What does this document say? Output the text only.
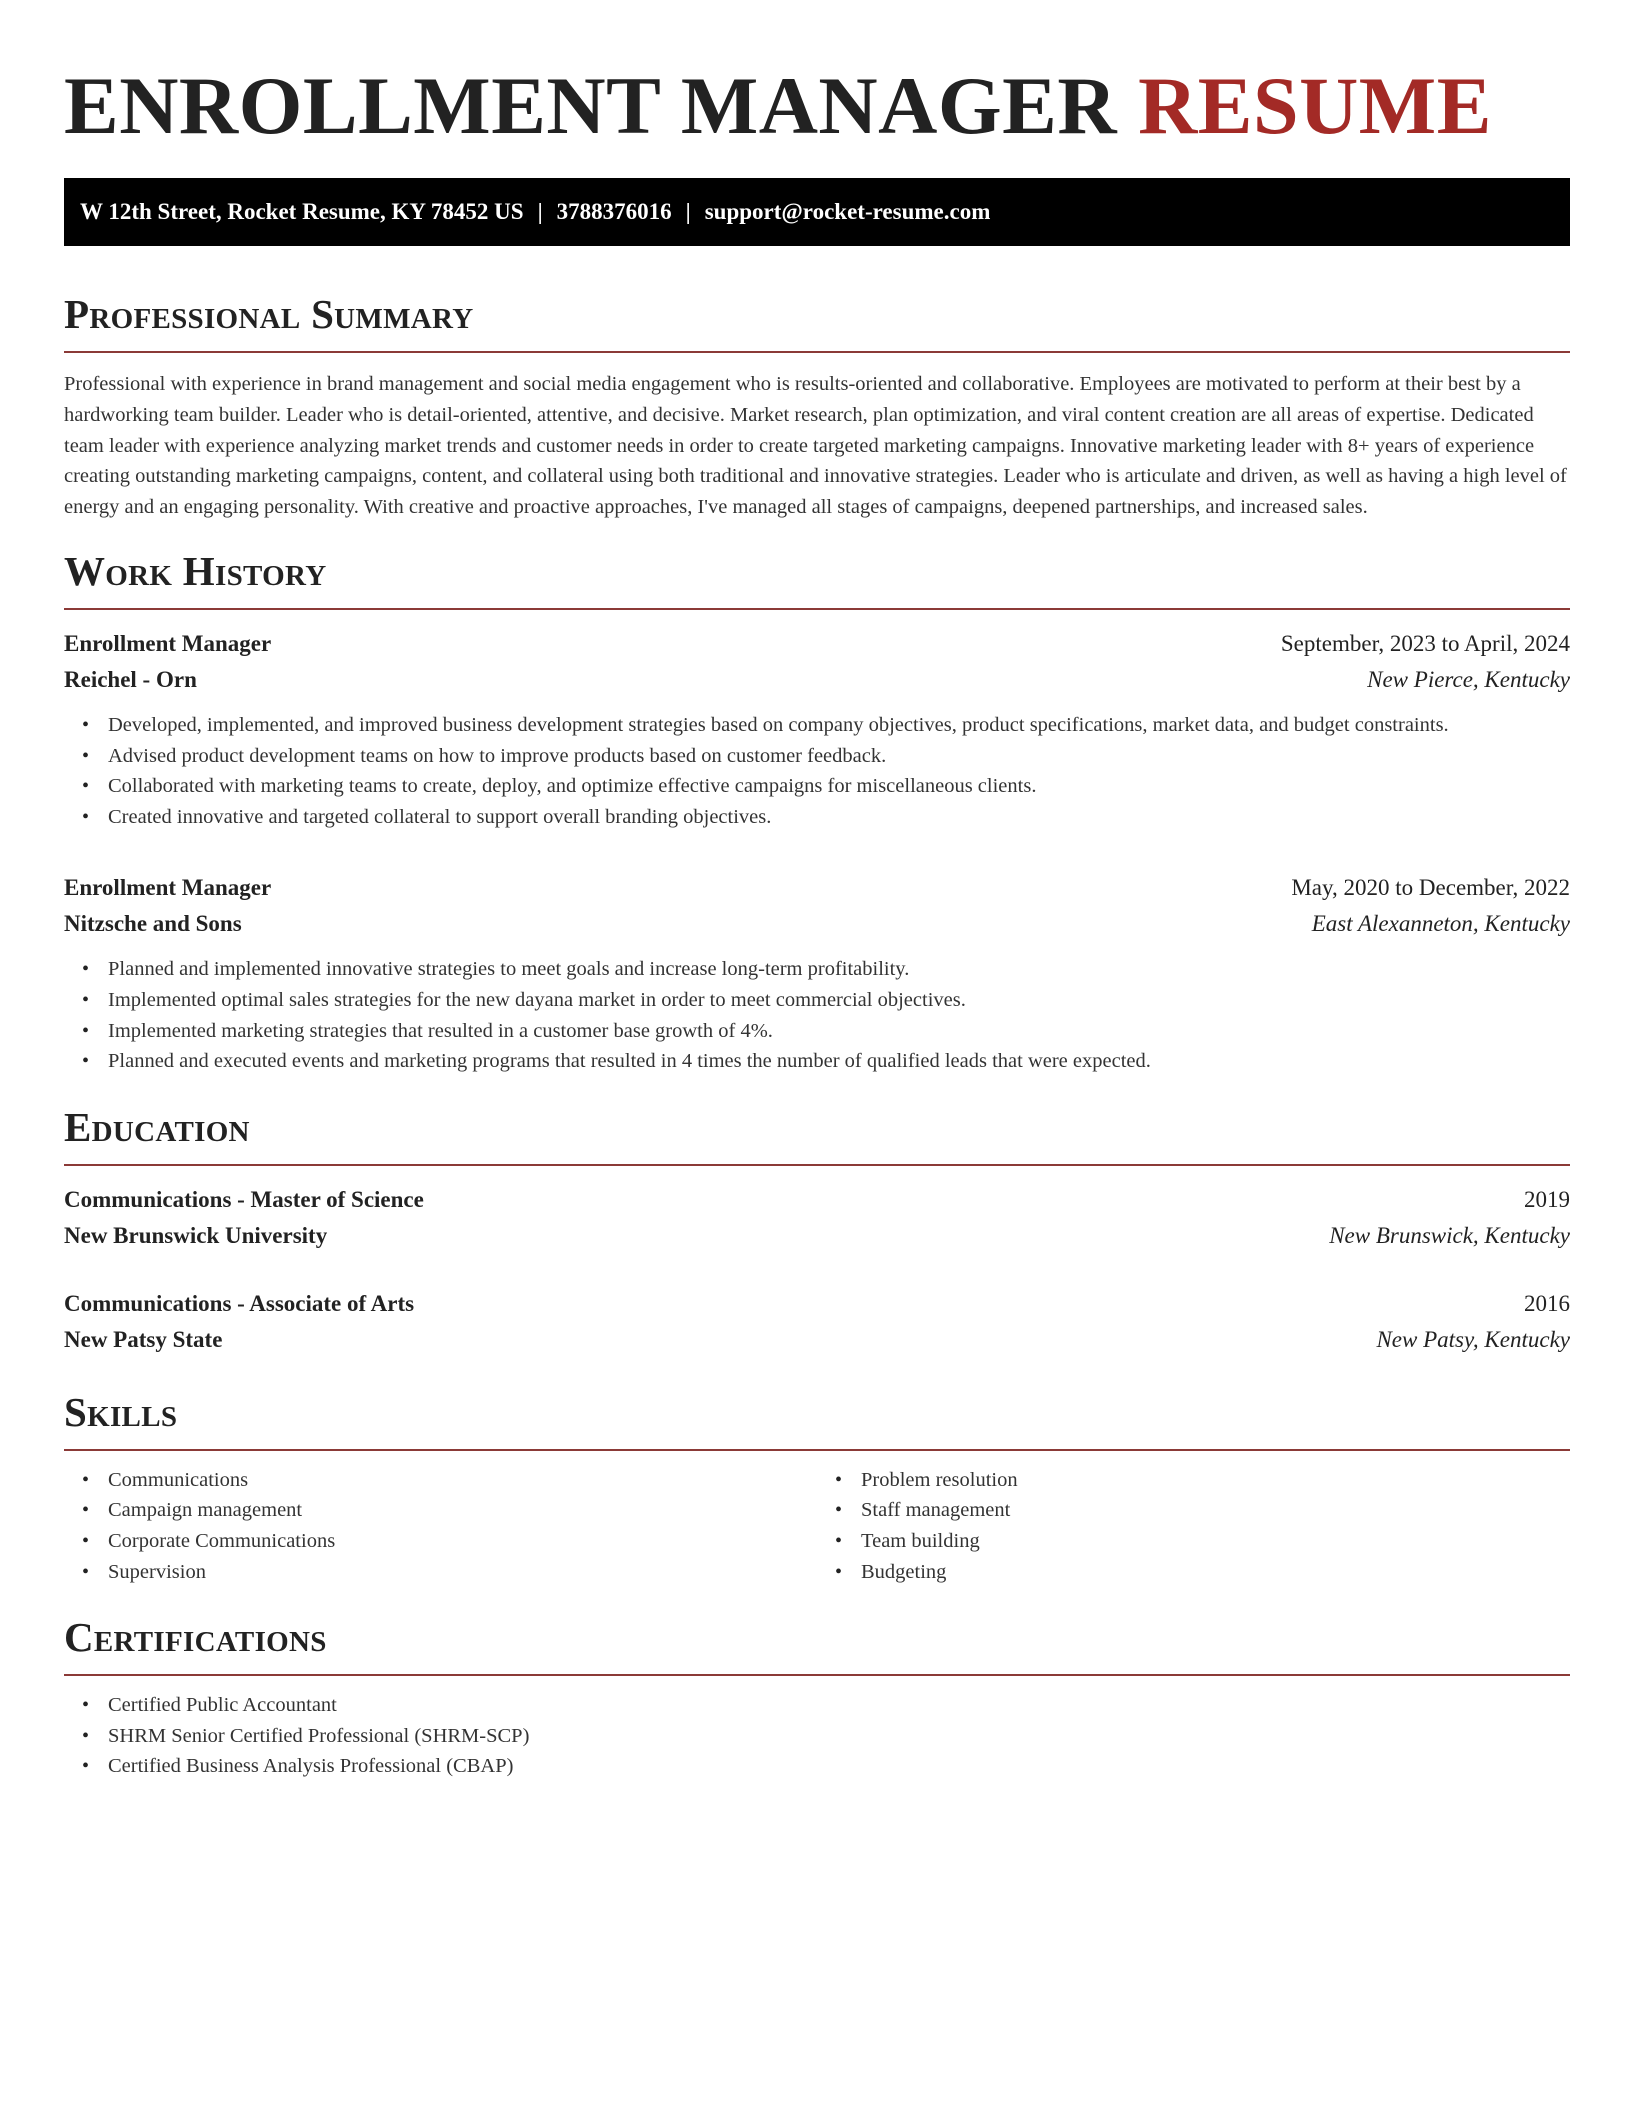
ENROLLMENT MANAGER RESUME
W 12th Street, Rocket Resume, KY 78452 US | 3788376016 | support@rocket-resume.com
Professional Summary

Professional with experience in brand management and social media engagement who is results-oriented and collaborative. Employees are motivated to perform at their best by a hardworking team builder. Leader who is detail-oriented, attentive, and decisive. Market research, plan optimization, and viral content creation are all areas of expertise. Dedicated team leader with experience analyzing market trends and customer needs in order to create targeted marketing campaigns. Innovative marketing leader with 8+ years of experience creating outstanding marketing campaigns, content, and collateral using both traditional and innovative strategies. Leader who is articulate and driven, as well as having a high level of energy and an engaging personality. With creative and proactive approaches, I've managed all stages of campaigns, deepened partnerships, and increased sales.

Work History
Enrollment Manager	September, 2023 to April, 2024
Reichel - Orn	New Pierce, Kentucky
• Developed, implemented, and improved business development strategies based on company objectives, product specifications, market data, and budget constraints.
• Advised product development teams on how to improve products based on customer feedback.
• Collaborated with marketing teams to create, deploy, and optimize effective campaigns for miscellaneous clients.
• Created innovative and targeted collateral to support overall branding objectives.
Enrollment Manager	May, 2020 to December, 2022
Nitzsche and Sons	East Alexanneton, Kentucky
• Planned and implemented innovative strategies to meet goals and increase long-term profitability.
• Implemented optimal sales strategies for the new dayana market in order to meet commercial objectives.
• Implemented marketing strategies that resulted in a customer base growth of 4%.
• Planned and executed events and marketing programs that resulted in 4 times the number of qualified leads that were expected.
Education
Communications - Master of Science	2019
New Brunswick University	New Brunswick, Kentucky
Communications - Associate of Arts	2016
New Patsy State	New Patsy, Kentucky
Skills
• Communications
• Campaign management
• Corporate Communications
• Supervision
• Problem resolution
• Staff management
• Team building
• Budgeting
Certifications
• Certified Public Accountant
• SHRM Senior Certified Professional (SHRM-SCP)
• Certified Business Analysis Professional (CBAP)
